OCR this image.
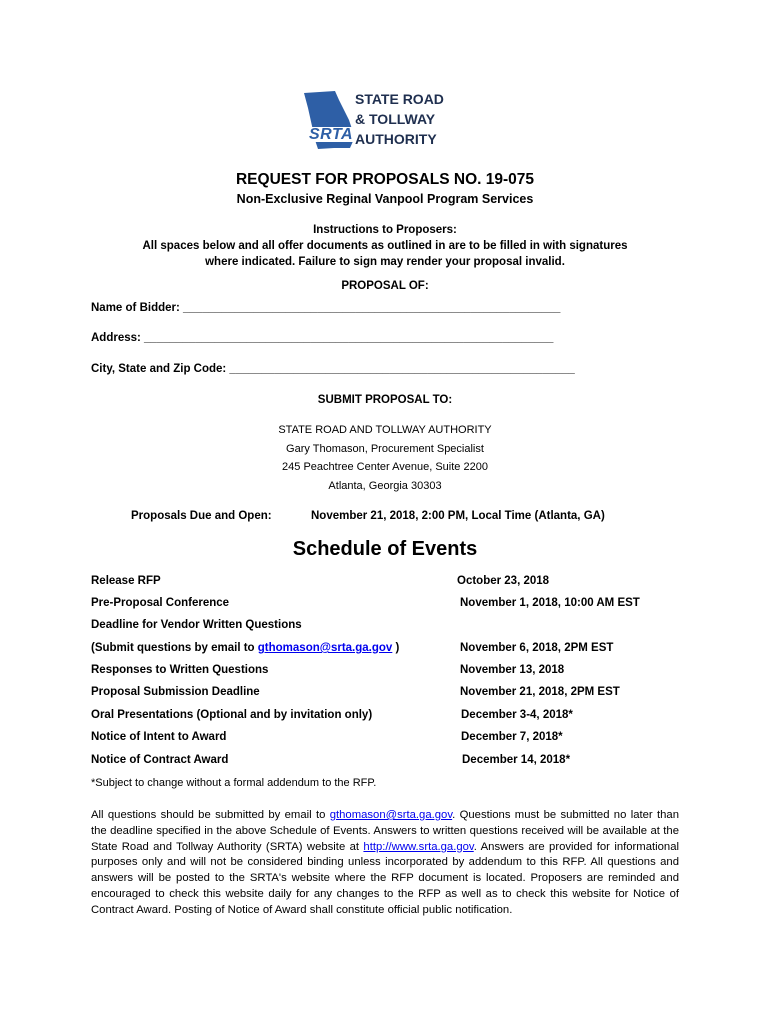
SRTA
STATE ROAD
& TOLLWAY
AUTHORITY
REQUEST FOR PROPOSALS NO. 19-075
Non-Exclusive Reginal Vanpool Program Services
Instructions to Proposers:
All spaces below and all offer documents as outlined in are to be filled in with signatures
where indicated. Failure to sign may render your proposal invalid.
PROPOSAL OF:
Name of Bidder: ___________________________________________________________
Address: ________________________________________________________________
City, State and Zip Code: ______________________________________________________
SUBMIT PROPOSAL TO:
STATE ROAD AND TOLLWAY AUTHORITY
Gary Thomason, Procurement Specialist
245 Peachtree Center Avenue, Suite 2200
Atlanta, Georgia 30303
Proposals Due and Open:	November 21, 2018, 2:00 PM, Local Time (Atlanta, GA)
Schedule of Events
Release RFP	October 23, 2018
Pre-Proposal Conference	November 1, 2018, 10:00 AM EST
Deadline for Vendor Written Questions
(Submit questions by email to gthomason@srta.ga.gov )	November 6, 2018, 2PM EST
Responses to Written Questions	November 13, 2018
Proposal Submission Deadline	November 21, 2018, 2PM EST
Oral Presentations (Optional and by invitation only)	December 3-4, 2018*
Notice of Intent to Award	December 7, 2018*
Notice of Contract Award	December 14, 2018*
*Subject to change without a formal addendum to the RFP.
All questions should be submitted by email to gthomason@srta.ga.gov. Questions must be submitted no later than the deadline specified in the above Schedule of Events. Answers to written questions received will be available at the State Road and Tollway Authority (SRTA) website at http://www.srta.ga.gov. Answers are provided for informational purposes only and will not be considered binding unless incorporated by addendum to this RFP. All questions and answers will be posted to the SRTA's website where the RFP document is located. Proposers are reminded and encouraged to check this website daily for any changes to the RFP as well as to check this website for Notice of Contract Award. Posting of Notice of Award shall constitute official public notification.
